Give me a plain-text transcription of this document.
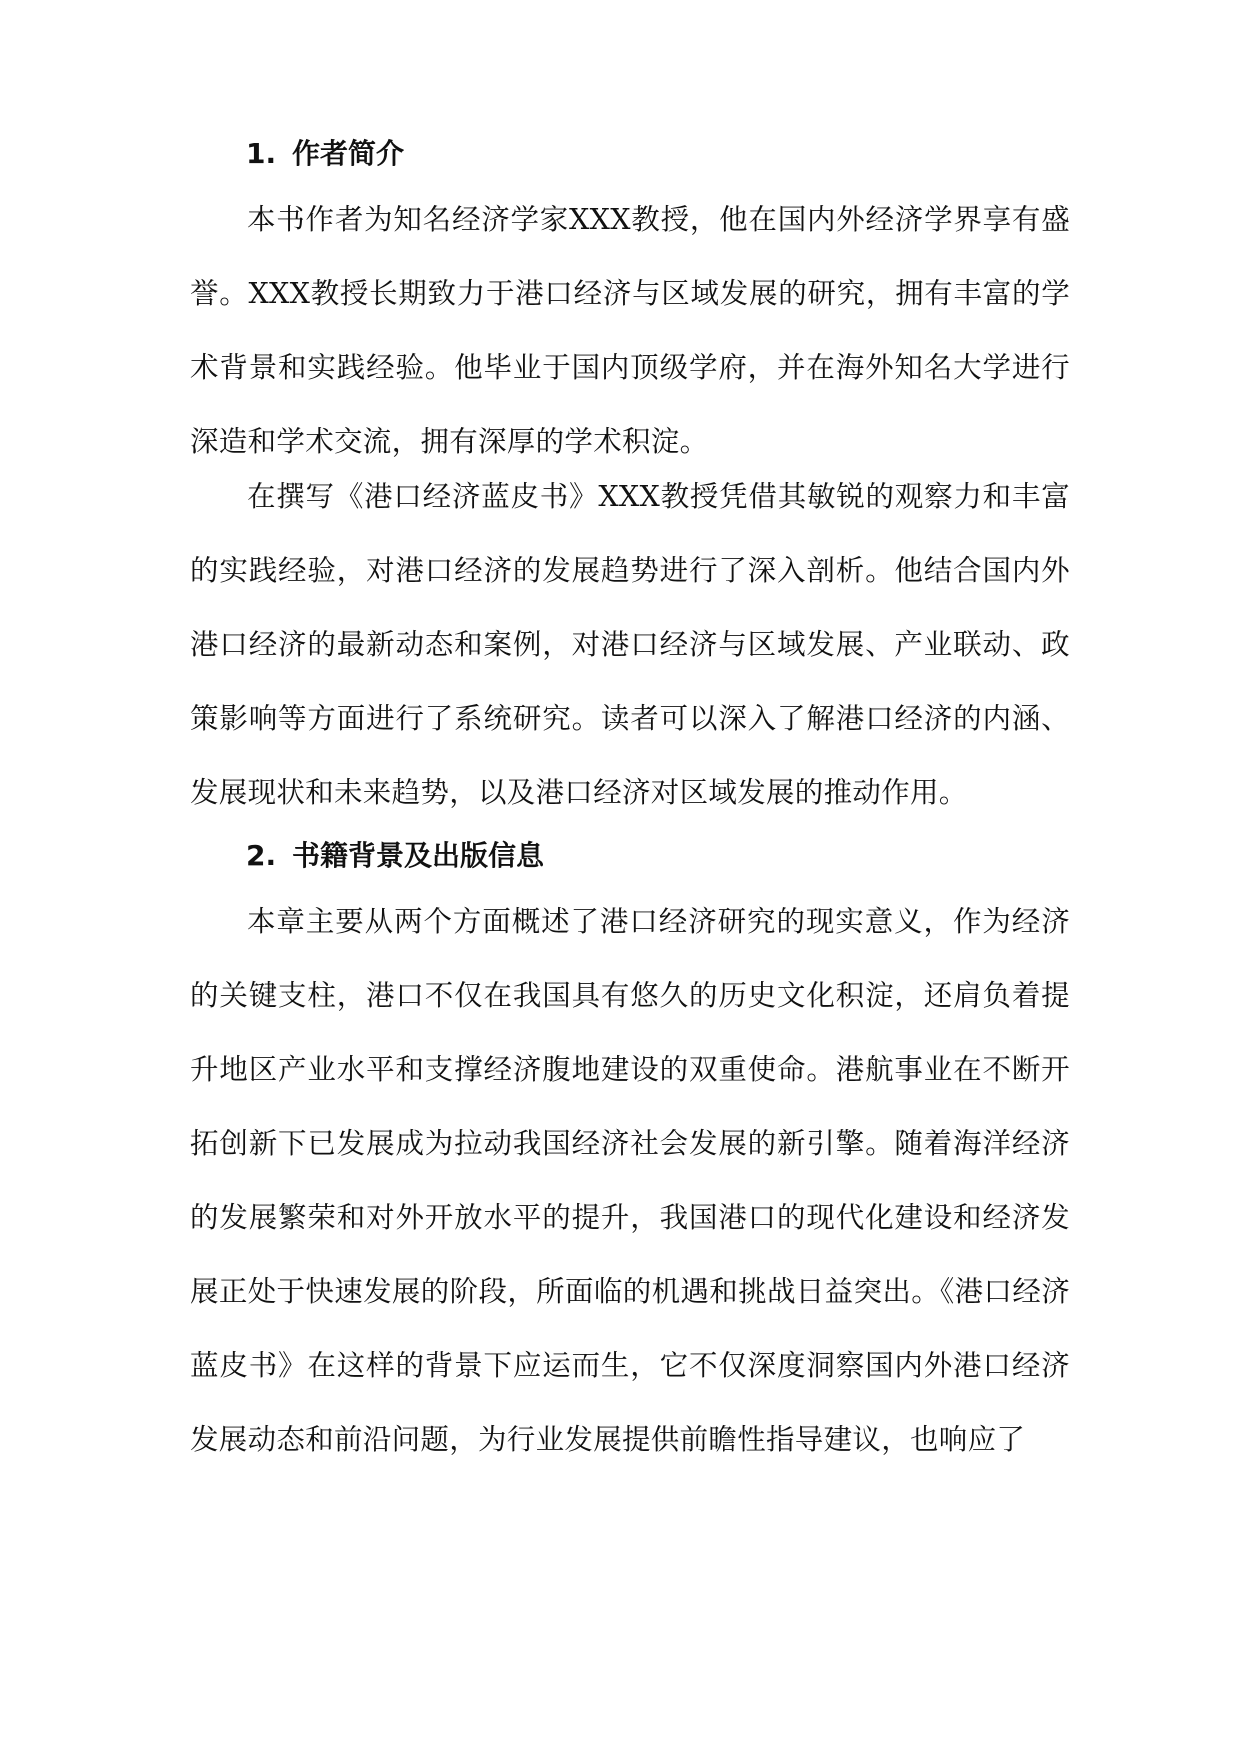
1. 作者简介

本书作者为知名经济学家XXX教授，他在国内外经济学界享有盛誉。XXX教授长期致力于港口经济与区域发展的研究，拥有丰富的学术背景和实践经验。他毕业于国内顶级学府，并在海外知名大学进行深造和学术交流，拥有深厚的学术积淀。

在撰写《港口经济蓝皮书》XXX教授凭借其敏锐的观察力和丰富的实践经验，对港口经济的发展趋势进行了深入剖析。他结合国内外港口经济的最新动态和案例，对港口经济与区域发展、产业联动、政策影响等方面进行了系统研究。读者可以深入了解港口经济的内涵、发展现状和未来趋势，以及港口经济对区域发展的推动作用。

2. 书籍背景及出版信息

本章主要从两个方面概述了港口经济研究的现实意义，作为经济的关键支柱，港口不仅在我国具有悠久的历史文化积淀，还肩负着提升地区产业水平和支撑经济腹地建设的双重使命。港航事业在不断开拓创新下已发展成为拉动我国经济社会发展的新引擎。随着海洋经济的发展繁荣和对外开放水平的提升，我国港口的现代化建设和经济发展正处于快速发展的阶段，所面临的机遇和挑战日益突出。《港口经济蓝皮书》在这样的背景下应运而生，它不仅深度洞察国内外港口经济发展动态和前沿问题，为行业发展提供前瞻性指导建议，也响应了
